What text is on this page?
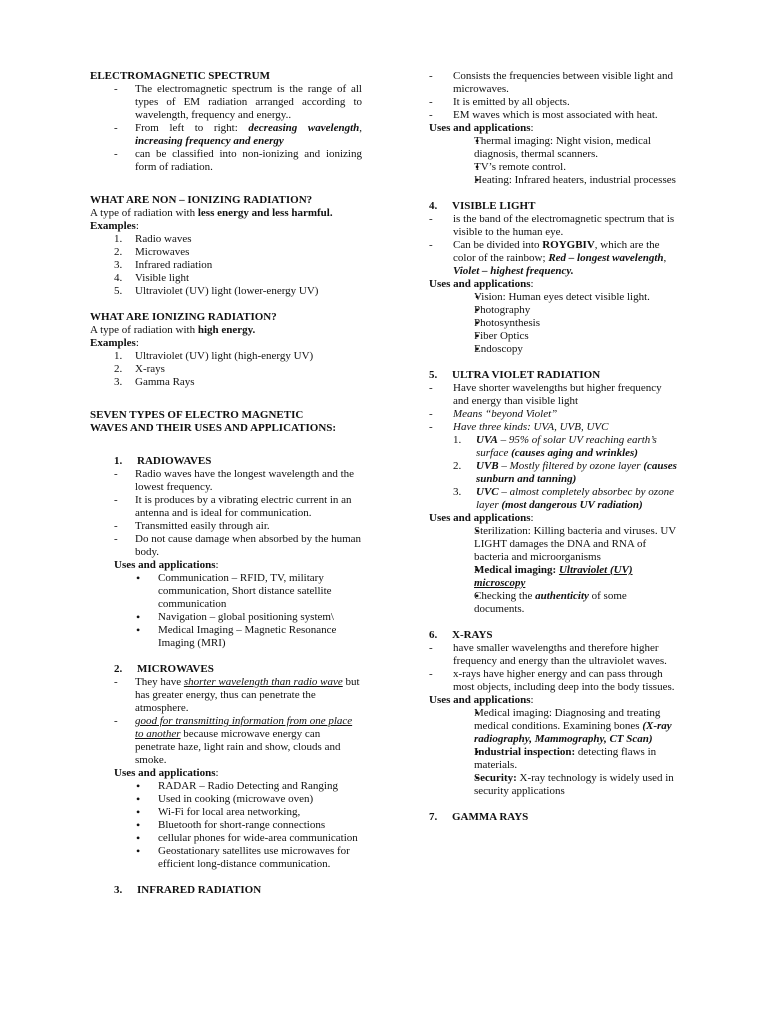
ELECTROMAGNETIC SPECTRUM

- The electromagnetic spectrum is the range of all types of EM radiation arranged according to wavelength, frequency and energy..

- From left to right: decreasing wavelength, increasing frequency and energy

- can be classified into non-ionizing and ionizing form of radiation.

WHAT ARE NON – IONIZING RADIATION?

A type of radiation with less energy and less harmful.

Examples:

1. Radio waves

2. Microwaves

3. Infrared radiation

4. Visible light

5. Ultraviolet (UV) light (lower-energy UV)

WHAT ARE IONIZING RADIATION?

A type of radiation with high energy.

Examples:

1. Ultraviolet (UV) light (high-energy UV)

2. X-rays

3. Gamma Rays

SEVEN TYPES OF ELECTRO MAGNETIC WAVES AND THEIR USES AND APPLICATIONS:

1. RADIOWAVES

- Radio waves have the longest wavelength and the lowest frequency.

- It is produces by a vibrating electric current in an antenna and is ideal for communication.

- Transmitted easily through air.

- Do not cause damage when absorbed by the human body.

Uses and applications:

• Communication – RFID, TV, military communication, Short distance satellite communication

• Navigation – global positioning system\

• Medical Imaging – Magnetic Resonance Imaging (MRI)

2. MICROWAVES

- They have shorter wavelength than radio wave but has greater energy, thus can penetrate the atmosphere.

- good for transmitting information from one place to another because microwave energy can penetrate haze, light rain and show, clouds and smoke.

Uses and applications:

• RADAR – Radio Detecting and Ranging

• Used in cooking (microwave oven)

• Wi-Fi for local area networking,

• Bluetooth for short-range connections

• cellular phones for wide-area communication

• Geostationary satellites use microwaves for efficient long-distance communication.

3. INFRARED RADIATION

- Consists the frequencies between visible light and microwaves.

- It is emitted by all objects.

- EM waves which is most associated with heat.

Uses and applications:

• Thermal imaging: Night vision, medical diagnosis, thermal scanners.

• TV’s remote control.

• Heating: Infrared heaters, industrial processes

4. VISIBLE LIGHT

- is the band of the electromagnetic spectrum that is visible to the human eye.

- Can be divided into ROYGBIV, which are the color of the rainbow; Red – longest wavelength, Violet – highest frequency.

Uses and applications:

• Vision: Human eyes detect visible light.

• Photography

• Photosynthesis

• Fiber Optics

• Endoscopy

5. ULTRA VIOLET RADIATION

- Have shorter wavelengths but higher frequency and energy than visible light

- Means “beyond Violet”

- Have three kinds: UVA, UVB, UVC

1. UVA – 95% of solar UV reaching earth’s surface (causes aging and wrinkles)

2. UVB – Mostly filtered by ozone layer (causes sunburn and tanning)

3. UVC – almost completely absorbec by ozone layer (most dangerous UV radiation)

Uses and applications:

• Sterilization: Killing bacteria and viruses. UV LIGHT damages the DNA and RNA of bacteria and microorganisms

• Medical imaging: Ultraviolet (UV) microscopy

• Checking the authenticity of some documents.

6. X-RAYS

- have smaller wavelengths and therefore higher frequency and energy than the ultraviolet waves.

- x-rays have higher energy and can pass through most objects, including deep into the body tissues.

Uses and applications:

• Medical imaging: Diagnosing and treating medical conditions. Examining bones (X-ray radiography, Mammography, CT Scan)

• Industrial inspection: detecting flaws in materials.

• Security: X-ray technology is widely used in security applications

7. GAMMA RAYS
